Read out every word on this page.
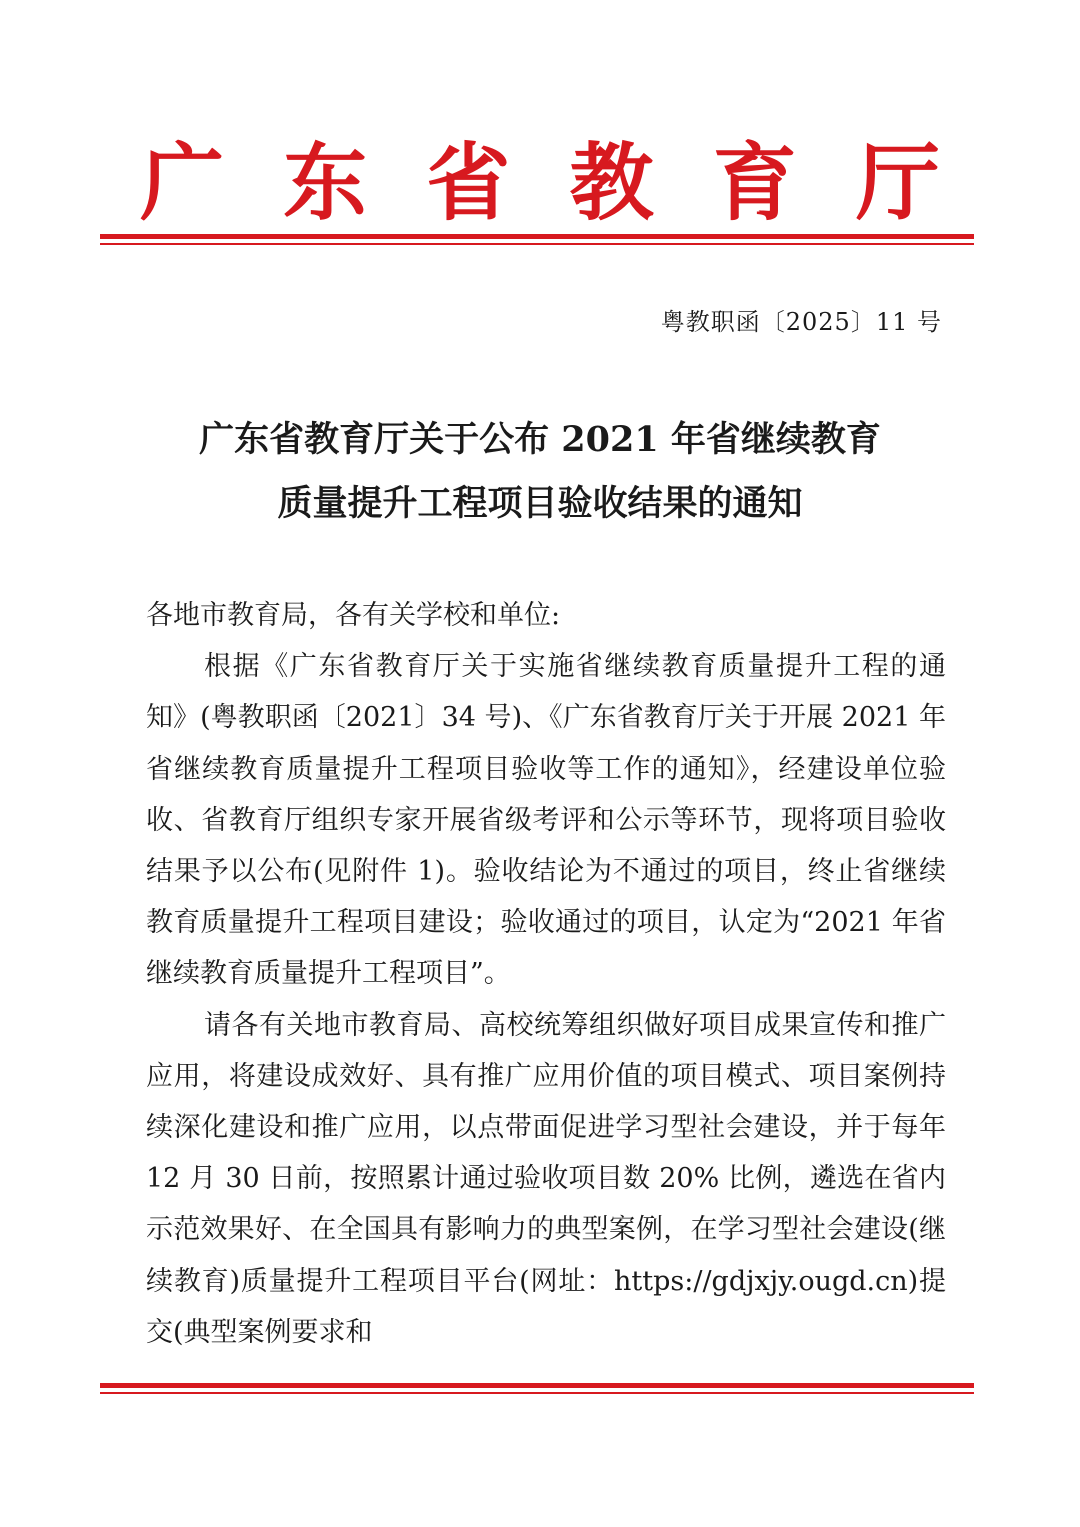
广 东 省 教 育 厅
粤教职函〔2025〕11 号
广东省教育厅关于公布 2021 年省继续教育
质量提升工程项目验收结果的通知

各地市教育局，各有关学校和单位:

根据《广东省教育厅关于实施省继续教育质量提升工程的通知》(粤教职函〔2021〕34 号)、《广东省教育厅关于开展 2021 年省继续教育质量提升工程项目验收等工作的通知》，经建设单位验收、省教育厅组织专家开展省级考评和公示等环节，现将项目验收结果予以公布(见附件 1)。验收结论为不通过的项目，终止省继续教育质量提升工程项目建设；验收通过的项目，认定为“2021 年省继续教育质量提升工程项目”。

请各有关地市教育局、高校统筹组织做好项目成果宣传和推广应用，将建设成效好、具有推广应用价值的项目模式、项目案例持续深化建设和推广应用，以点带面促进学习型社会建设，并于每年 12 月 30 日前，按照累计通过验收项目数 20% 比例，遴选在省内示范效果好、在全国具有影响力的典型案例，在学习型社会建设(继续教育)质量提升工程项目平台(网址：https://gdjxjy.ougd.cn)提交(典型案例要求和
